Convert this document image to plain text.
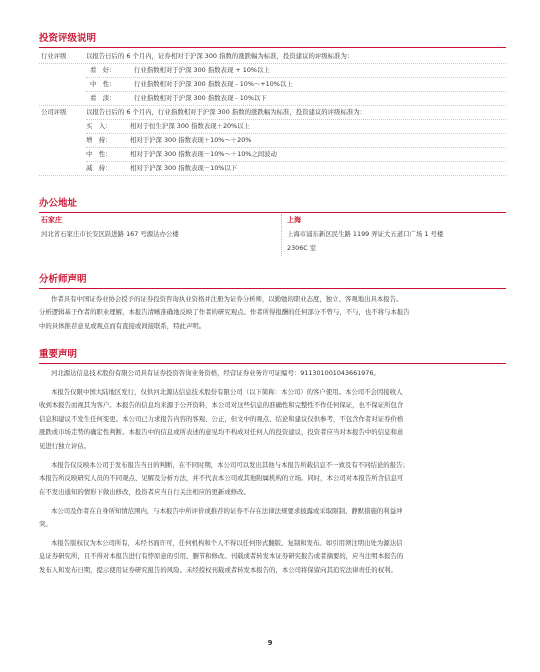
投资评级说明
行业评级	以报告日后的 6 个月内，证券相对于沪深 300 指数的涨跌幅为标准，投资建议的评级标准为：
看　好：	行业指数相对于沪深 300 指数表现 + 10%以上
中　性：	行业指数相对于沪深 300 指数表现 - 10%～+10%以上
看　淡：	行业指数相对于沪深 300 指数表现 - 10%以下
公司评级	以报告日后的 6 个月内，行业指数相对于沪深 300 指数的涨跌幅为标准，投资建议的评级标准为：
买　入：	相对于恒生沪深 300 指数表现＋20%以上
增　持：	相对于沪深 300 指数表现＋10%～＋20%
中　性：	相对于沪深 300 指数表现－10%～＋10%之间波动
减　持：	相对于沪深 300 指数表现－10%以下
办公地址
石家庄
河北省石家庄市长安区跃进路 167 号源达办公楼
上海
上海市浦东新区民生路 1199 弄证大五道口广场 1 号楼
2306C 室
分析师声明
作者具有中国证券业协会授予的证券投资咨询执业资格并注册为证券分析师，以勤勉的职业态度，独立、客观地出具本报告。
分析逻辑基于作者的职业理解，本报告清晰准确地反映了作者的研究观点。作者所得报酬的任何部分不曾与，不与，也不将与本报告
中的具体推荐意见或观点而有直接或间接联系，特此声明。
重要声明
河北源达信息技术股份有限公司具有证券投资咨询业务资格，经营证券业务许可证编号：911301001043661976。
本报告仅限中国大陆地区发行，仅供河北源达信息技术股份有限公司（以下简称：本公司）的客户使用。本公司不会因接收人
收到本报告而视其为客户。本报告的信息均来源于公开资料，本公司对这些信息的准确性和完整性不作任何保证，也不保证所包含
信息和建议不发生任何变更。本公司已力求报告内容的客观、公正，但文中的观点、结论和建议仅供参考，不包含作者对证券价格
涨跌或市场走势的确定性判断。本报告中的信息或所表述的意见均不构成对任何人的投资建议，投资者应当对本报告中的信息和意
见进行独立评估。
本报告仅反映本公司于发布报告当日的判断，在不同时期，本公司可以发出其他与本报告所载信息不一致及有不同结论的报告；
本报告所反映研究人员的不同观点、见解及分析方法，并不代表本公司或其他附属机构的立场。同时，本公司对本报告所含信息可
在不发出通知的情形下做出修改，投资者应当自行关注相应的更新或修改。
本公司及作者在自身所知情范围内，与本报告中所评价或推荐的证券不存在法律法规要求披露或采取限制、静默措施的利益冲
突。
本报告版权仅为本公司所有，未经书面许可，任何机构和个人不得以任何形式翻版、复制和发布。如引用须注明出处为源达信
息证券研究所，且不得对本报告进行有悖原意的引用、删节和修改。刊载或者转发本证券研究报告或者摘要的，应当注明本报告的
发布人和发布日期，提示使用证券研究报告的风险。未经授权刊载或者转发本报告的，本公司将保留向其追究法律责任的权利。
9
